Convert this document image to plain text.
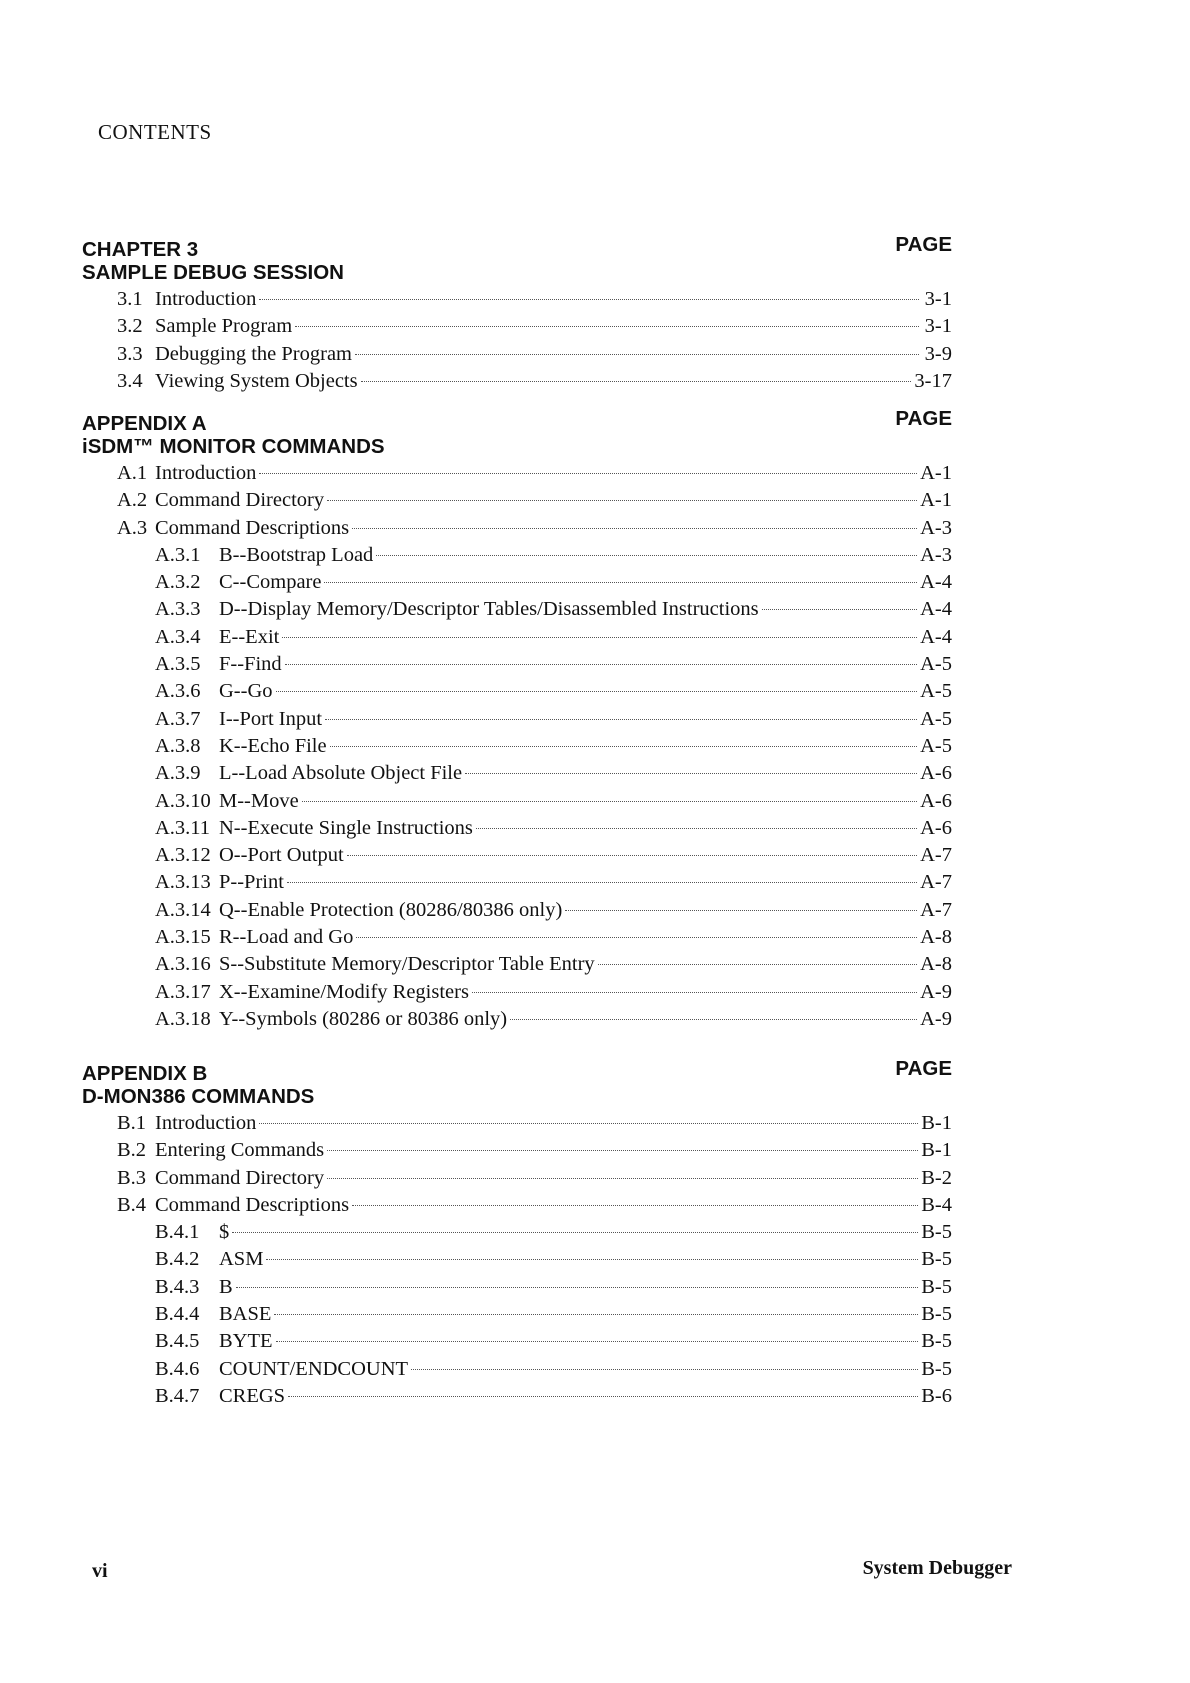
CONTENTS
CHAPTER 3
SAMPLE DEBUG SESSION
PAGE
3.1 Introduction	3-1
3.2 Sample Program	3-1
3.3 Debugging the Program	3-9
3.4 Viewing System Objects	3-17
APPENDIX A
iSDM™ MONITOR COMMANDS
PAGE
A.1 Introduction	A-1
A.2 Command Directory	A-1
A.3 Command Descriptions	A-3
A.3.1 B--Bootstrap Load	A-3
A.3.2 C--Compare	A-4
A.3.3 D--Display Memory/Descriptor Tables/Disassembled Instructions	A-4
A.3.4 E--Exit	A-4
A.3.5 F--Find	A-5
A.3.6 G--Go	A-5
A.3.7 I--Port Input	A-5
A.3.8 K--Echo File	A-5
A.3.9 L--Load Absolute Object File	A-6
A.3.10 M--Move	A-6
A.3.11 N--Execute Single Instructions	A-6
A.3.12 O--Port Output	A-7
A.3.13 P--Print	A-7
A.3.14 Q--Enable Protection (80286/80386 only)	A-7
A.3.15 R--Load and Go	A-8
A.3.16 S--Substitute Memory/Descriptor Table Entry	A-8
A.3.17 X--Examine/Modify Registers	A-9
A.3.18 Y--Symbols (80286 or 80386 only)	A-9
APPENDIX B
D-MON386 COMMANDS
PAGE
B.1 Introduction	B-1
B.2 Entering Commands	B-1
B.3 Command Directory	B-2
B.4 Command Descriptions	B-4
B.4.1 $	B-5
B.4.2 ASM	B-5
B.4.3 B	B-5
B.4.4 BASE	B-5
B.4.5 BYTE	B-5
B.4.6 COUNT/ENDCOUNT	B-5
B.4.7 CREGS	B-6
vi	System Debugger
